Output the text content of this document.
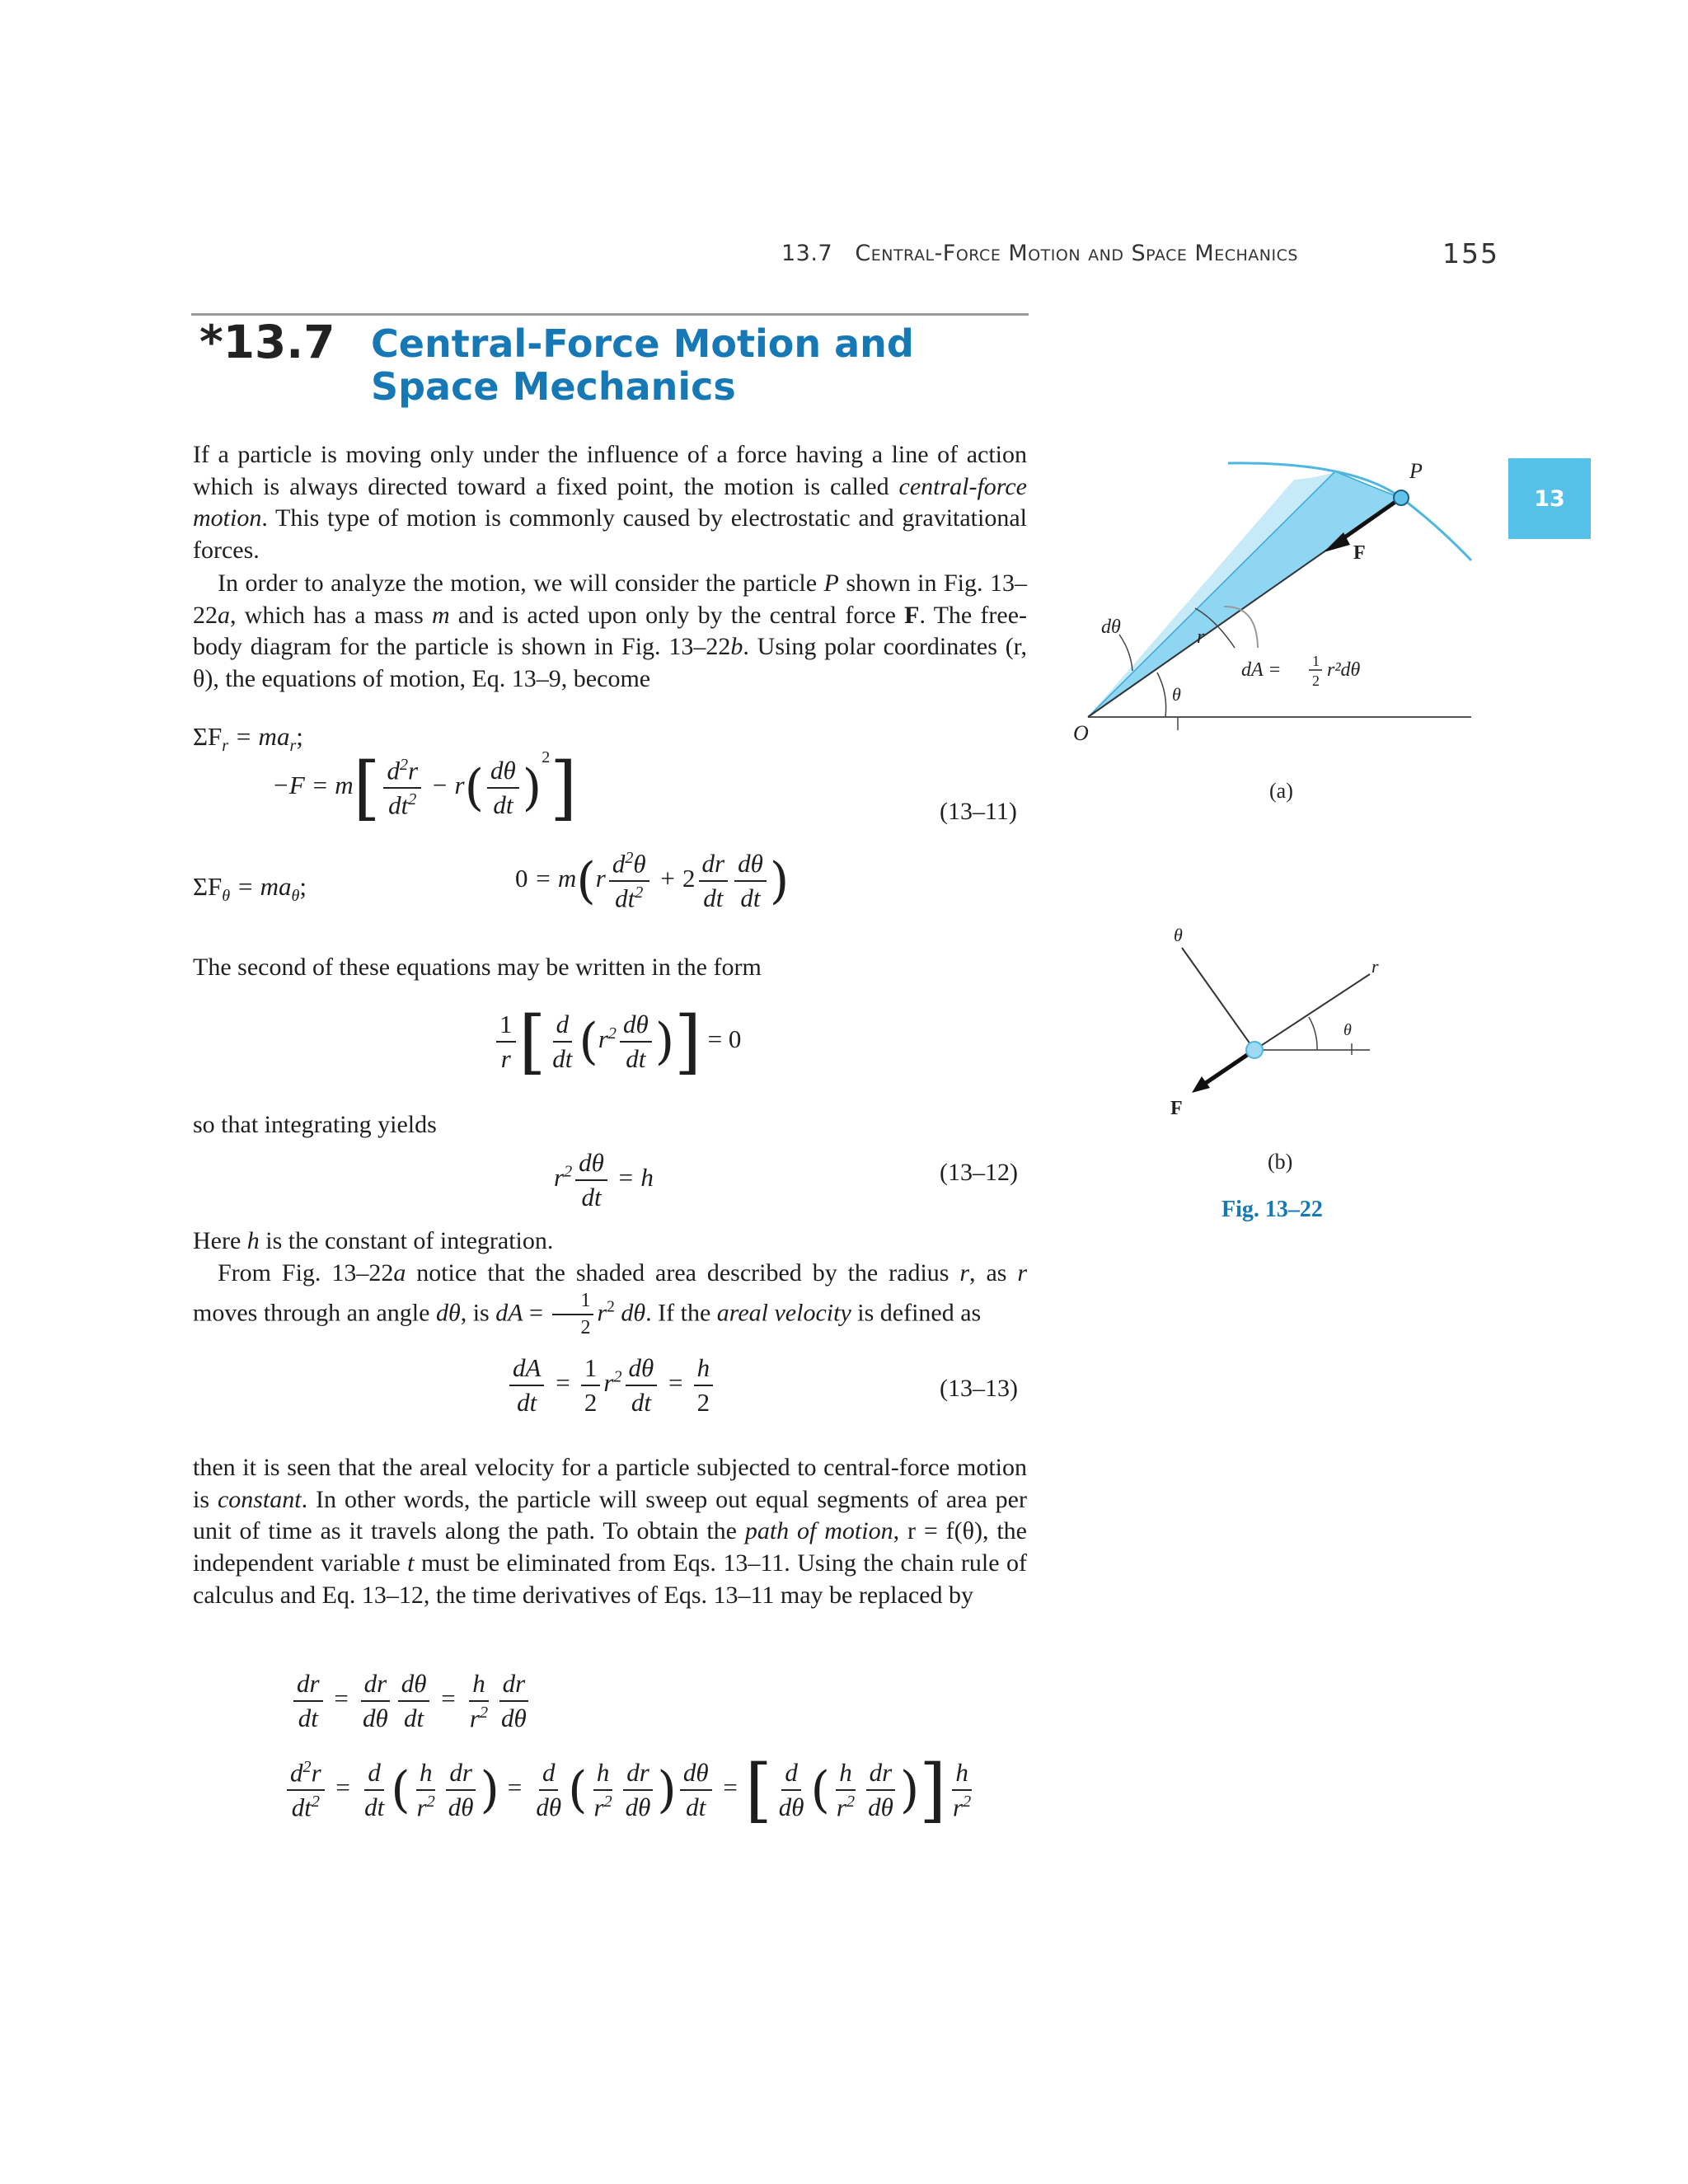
13.7 Central-Force Motion and Space Mechanics	155
13
*13.7 Central-Force Motion and Space Mechanics
If a particle is moving only under the influence of a force having a line of action which is always directed toward a fixed point, the motion is called central-force motion. This type of motion is commonly caused by electrostatic and gravitational forces.
In order to analyze the motion, we will consider the particle P shown in Fig. 13–22a, which has a mass m and is acted upon only by the central force F. The free-body diagram for the particle is shown in Fig. 13–22b. Using polar coordinates (r, θ), the equations of motion, Eq. 13–9, become
$\Sigma F_r = ma_r$;
$-F = m[ \frac{d^2r}{dt^2} - r( \frac{d\theta}{dt} )^2]$	(13–11)
$\Sigma F_\theta = ma_\theta$;	$0 = m(r \frac{d^2\theta}{dt^2} + 2 \frac{dr}{dt} \frac{d\theta}{dt}$ )
The second of these equations may be written in the form
$\frac{1}{r}$ [ $\frac{d}{dt} (r^2 \frac{d\theta}{dt}$ )] = 0
so that integrating yields
$r^2 \frac{d\theta}{dt} = h$	(13–12)
Here h is the constant of integration.
From Fig. 13–22a notice that the shaded area described by the radius r, as r moves through an angle dθ, is dA = $\frac{1}{2} r^2$ dθ. If the areal velocity is defined as
$\frac{dA}{dt} = \frac{1}{2} r^2 \frac{d\theta}{dt} = \frac{h}{2}$	(13–13)
then it is seen that the areal velocity for a particle subjected to central-force motion is constant. In other words, the particle will sweep out equal segments of area per unit of time as it travels along the path. To obtain the path of motion, r = f(θ), the independent variable t must be eliminated from Eqs. 13–11. Using the chain rule of calculus and Eq. 13–12, the time derivatives of Eqs. 13–11 may be replaced by
$\frac{dr}{dt} = \frac{dr}{d\theta} \frac{d\theta}{dt} = \frac{h}{r^2} \frac{dr}{d\theta}$
$\frac{d^2r}{dt^2} = \frac{d}{dt}$ ( $\frac{h}{r^2} \frac{dr}{d\theta}$ ) = $\frac{d}{d\theta}$ ( $\frac{h}{r^2} \frac{dr}{d\theta}$ ) $\frac{d\theta}{dt}$ = [ $\frac{d}{d\theta}$ ( $\frac{h}{r^2} \frac{dr}{d\theta}$ )] $\frac{h}{r^2}$
P
F
O
r
θ
dθ
dA = 1
2 r²dθ
(a)
θ
r
θ
F
(b)
Fig. 13–22
